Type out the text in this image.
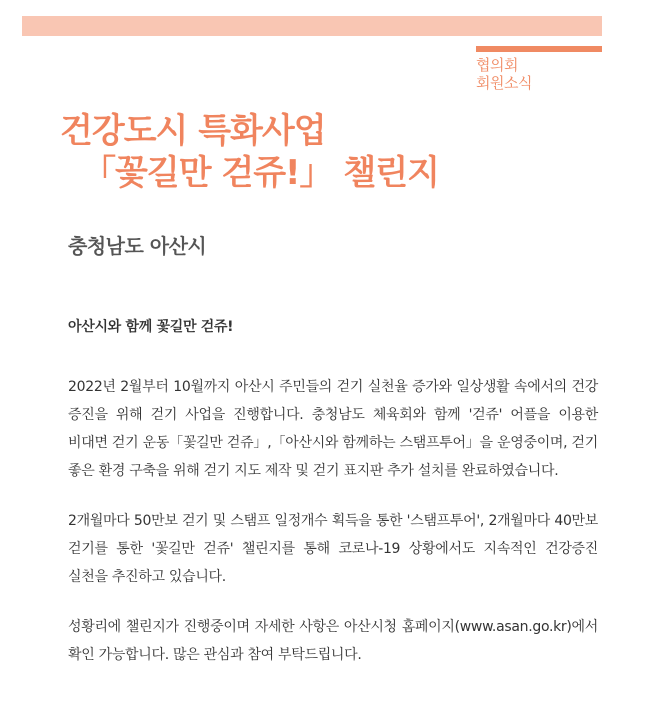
협의회
회원소식
건강도시 특화사업
「꽃길만 걷쥬!」 챌린지
충청남도 아산시

아산시와 함께 꽃길만 걷쥬!

2022년 2월부터 10월까지 아산시 주민들의 걷기 실천율 증가와 일상생활 속에서의 건강 증진을 위해 걷기 사업을 진행합니다. 충청남도 체육회와 함께 '걷쥬' 어플을 이용한 비대면 걷기 운동「꽃길만 걷쥬」,「아산시와 함께하는 스탬프투어」을 운영중이며, 걷기 좋은 환경 구축을 위해 걷기 지도 제작 및 걷기 표지판 추가 설치를 완료하였습니다.

2개월마다 50만보 걷기 및 스탬프 일정개수 획득을 통한 '스탬프투어', 2개월마다 40만보 걷기를 통한 '꽃길만 걷쥬' 챌린지를 통해 코로나-19 상황에서도 지속적인 건강증진 실천을 추진하고 있습니다.

성황리에 챌린지가 진행중이며 자세한 사항은 아산시청 홈페이지(www.asan.go.kr)에서 확인 가능합니다. 많은 관심과 참여 부탁드립니다.
